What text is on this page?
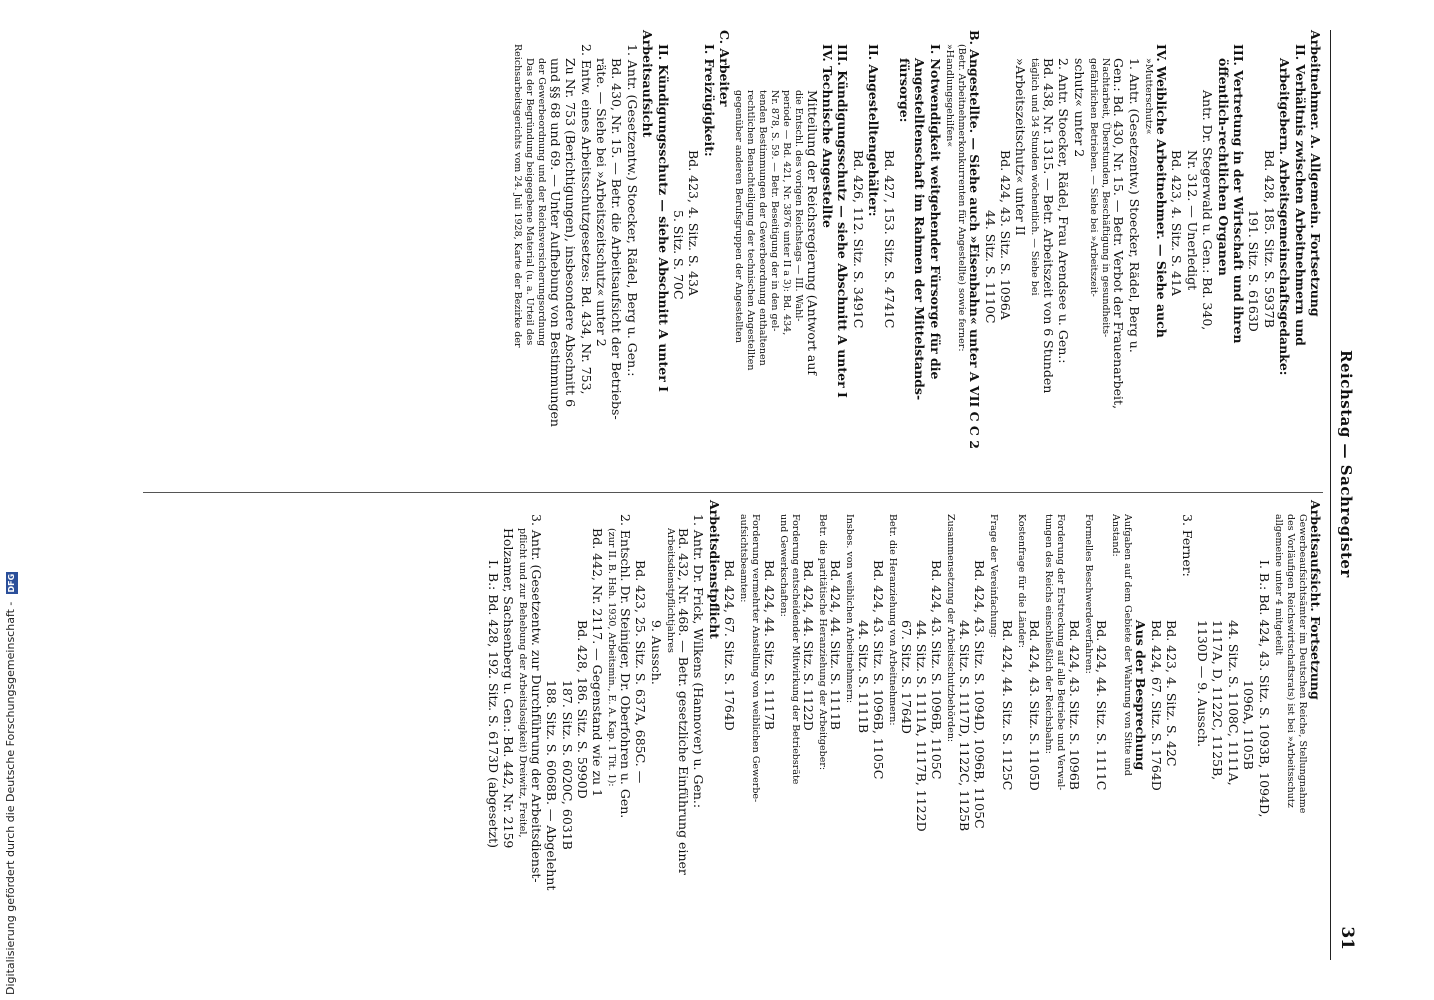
Reichstag — Sachregister
31
Arbeitnehmer. A. Allgemein. Fortsetzung
II. Verhältnis zwischen Arbeitnehmern und
Arbeitgebern. Arbeitsgemeinschaftsgedanke:
Bd. 428, 185. Sitz. S. 5937B
191. Sitz. S. 6163D
III. Vertretung in der Wirtschaft und ihren
öffentlich-rechtlichen Organen
Antr. Dr. Stegerwald u. Gen.: Bd. 340,
Nr. 312. — Unerledigt
Bd. 423, 4. Sitz. S. 41A
IV. Weibliche Arbeitnehmer. — Siehe auch
»Mutterschutz«
1. Antr. (Gesetzentw.) Stoecker, Rädel, Berg u.
Gen.: Bd. 430, Nr. 15. — Betr. Verbot der Frauenarbeit,
Nachtarbeit, Überstunden, Beschäftigung in gesundheits-
gefährlichen Betrieben. — Siehe bei »Arbeitszeit-
schutz« unter 2
2. Antr. Stoecker, Rädel, Frau Arendsee u. Gen.:
Bd. 438, Nr. 1315. — Betr. Arbeitszeit von 6 Stunden
täglich und 34 Stunden wöchentlich. — Siehe bei
»Arbeitszeitschutz« unter II
Bd. 424, 43. Sitz. S. 1096A
44. Sitz. S. 1110C
B. Angestellte. — Siehe auch »Eisenbahn« unter A VII C C 2
(Betr. Arbeitnehmerkonkurrenten für Angestellte) sowie ferner:
»Handlungsgehilfen«
I. Notwendigkeit weitgehender Fürsorge für die
Angestelltenschaft im Rahmen der Mittelstands-
fürsorge:
Bd. 427, 153. Sitz. S. 4741C
II. Angestelltengehälter:
Bd. 426, 112. Sitz. S. 3491C
III. Kündigungsschutz — siehe Abschnitt A unter I
IV. Technische Angestellte
Mitteilung der Reichsregierung (Antwort auf
die Entschl. des vorigen Reichstags — III. Wahl-
periode — Bd. 421, Nr. 3876 unter II a 3): Bd. 434,
Nr. 878, S. 59. — Betr. Beseitigung der in den gel-
tenden Bestimmungen der Gewerbeordnung enthaltenen
rechtlichen Benachteiligung der technischen Angestellten
gegenüber anderen Berufsgruppen der Angestellten
C. Arbeiter
I. Freizügigkeit:
Bd. 423, 4. Sitz. S. 43A
5. Sitz. S. 70C
II. Kündigungsschutz — siehe Abschnitt A unter I
Arbeitsaufsicht
1. Antr. (Gesetzentw.) Stoecker, Rädel, Berg u. Gen.:
Bd. 430, Nr. 15. — Betr. die Arbeitsaufsicht der Betriebs-
räte. — Siehe bei »Arbeitszeitschutz« unter 2
2. Entw. eines Arbeitsschutzgesetzes: Bd. 434, Nr. 753,
Zu Nr. 753 (Berichtigungen), insbesondere Abschnitt 6
und §§ 68 und 69. — Unter Aufhebung von Bestimmungen
der Gewerbeordnung und der Reichsversicherungsordnung
Das der Begründung beigegebene Material (u. a. Urteil des
Reichsarbeitsgerichts vom 24. Juli 1928, Karte der Bezirke der
Arbeitsaufsicht. Fortsetzung
Gewerbeaufsichtsämter im Deutschen Reiche, Stellungnahme
des Vorläufigen Reichswirtschaftsrats) ist bei »Arbeitsschutz
allgemeine unter 4 mitgeteilt
I. B.: Bd. 424, 43. Sitz. S. 1093B, 1094D,
1096A, 1105B
44. Sitz. S. 1108C, 1111A,
1117A, D, 1122C, 1125B,
1130D — 9. Aussch.
3. Ferner:
Bd. 423, 4. Sitz. S. 42C
Bd. 424, 67. Sitz. S. 1764D
Aus der Besprechung
Aufgaben auf dem Gebiete der Wahrung von Sitte und
Anstand:
Bd. 424, 44. Sitz. S. 1111C
Formelles Beschwerdeverfahren:
Bd. 424, 43. Sitz. S. 1096B
Forderung der Erstreckung auf alle Betriebe und Verwal-
tungen des Reichs einschließlich der Reichsbahn:
Bd. 424, 43. Sitz. S. 1105D
Kostenfrage für die Länder:
Bd. 424, 44. Sitz. S. 1125C
Frage der Vereinfachung:
Bd. 424, 43. Sitz. S. 1094D, 1096B, 1105C
44. Sitz. S. 1117D, 1122C, 1125B
Zusammensetzung der Arbeitsschutzbehörden:
Bd. 424, 43. Sitz. S. 1096B, 1105C
44. Sitz. S. 1111A, 1117B, 1122D
67. Sitz. S. 1764D
Betr. die Heranziehung von Arbeitnehmern:
Bd. 424, 43. Sitz. S. 1096B, 1105C
44. Sitz. S. 1111B
Insbes. von weiblichen Arbeitnehmern:
Bd. 424, 44. Sitz. S. 1111B
Betr. die paritätische Heranziehung der Arbeitgeber:
Bd. 424, 44. Sitz. S. 1122D
Forderung entscheidender Mitwirkung der Betriebsräte
und Gewerkschaften:
Bd. 424, 44. Sitz. S. 1117B
Forderung vermehrter Anstellung von weiblichen Gewerbe-
aufsichtsbeamten:
Bd. 424, 67. Sitz. S. 1764D
Arbeitsdienstpflicht
1. Antr. Dr. Frick, Wilkens (Hannover) u. Gen.:
Bd. 432, Nr. 468. — Betr. gesetzliche Einführung einer
Arbeitsdienstpflichtjahres
9. Aussch.
Bd. 423, 25. Sitz. S. 637A, 685C. —
2. Entschl. Dr. Steiniger, Dr. Oberfohren u. Gen.
(zur II. B. Hsh. 1930, Arbeitsmin., E. A. Kap. 1 Tit. 1):
Bd. 442, Nr. 2117. — Gegenstand wie zu 1
Bd. 428, 186. Sitz. S. 5990D
187. Sitz. S. 6020C, 6031B
188. Sitz. S. 6068B. — Abgelehnt
3. Antr. (Gesetzentw. zur Durchführung der Arbeitsdienst-
pflicht und zur Behebung der Arbeitslosigkeit) Dreiwitz, Freitel,
Holzamer, Sachsenberg u. Gen.: Bd. 442, Nr. 2159
I. B.: Bd. 428, 192. Sitz. S. 6173D (abgesetzt)
Digitalisierung gefördert durch die Deutsche Forschungsgemeinschaft - DFG
